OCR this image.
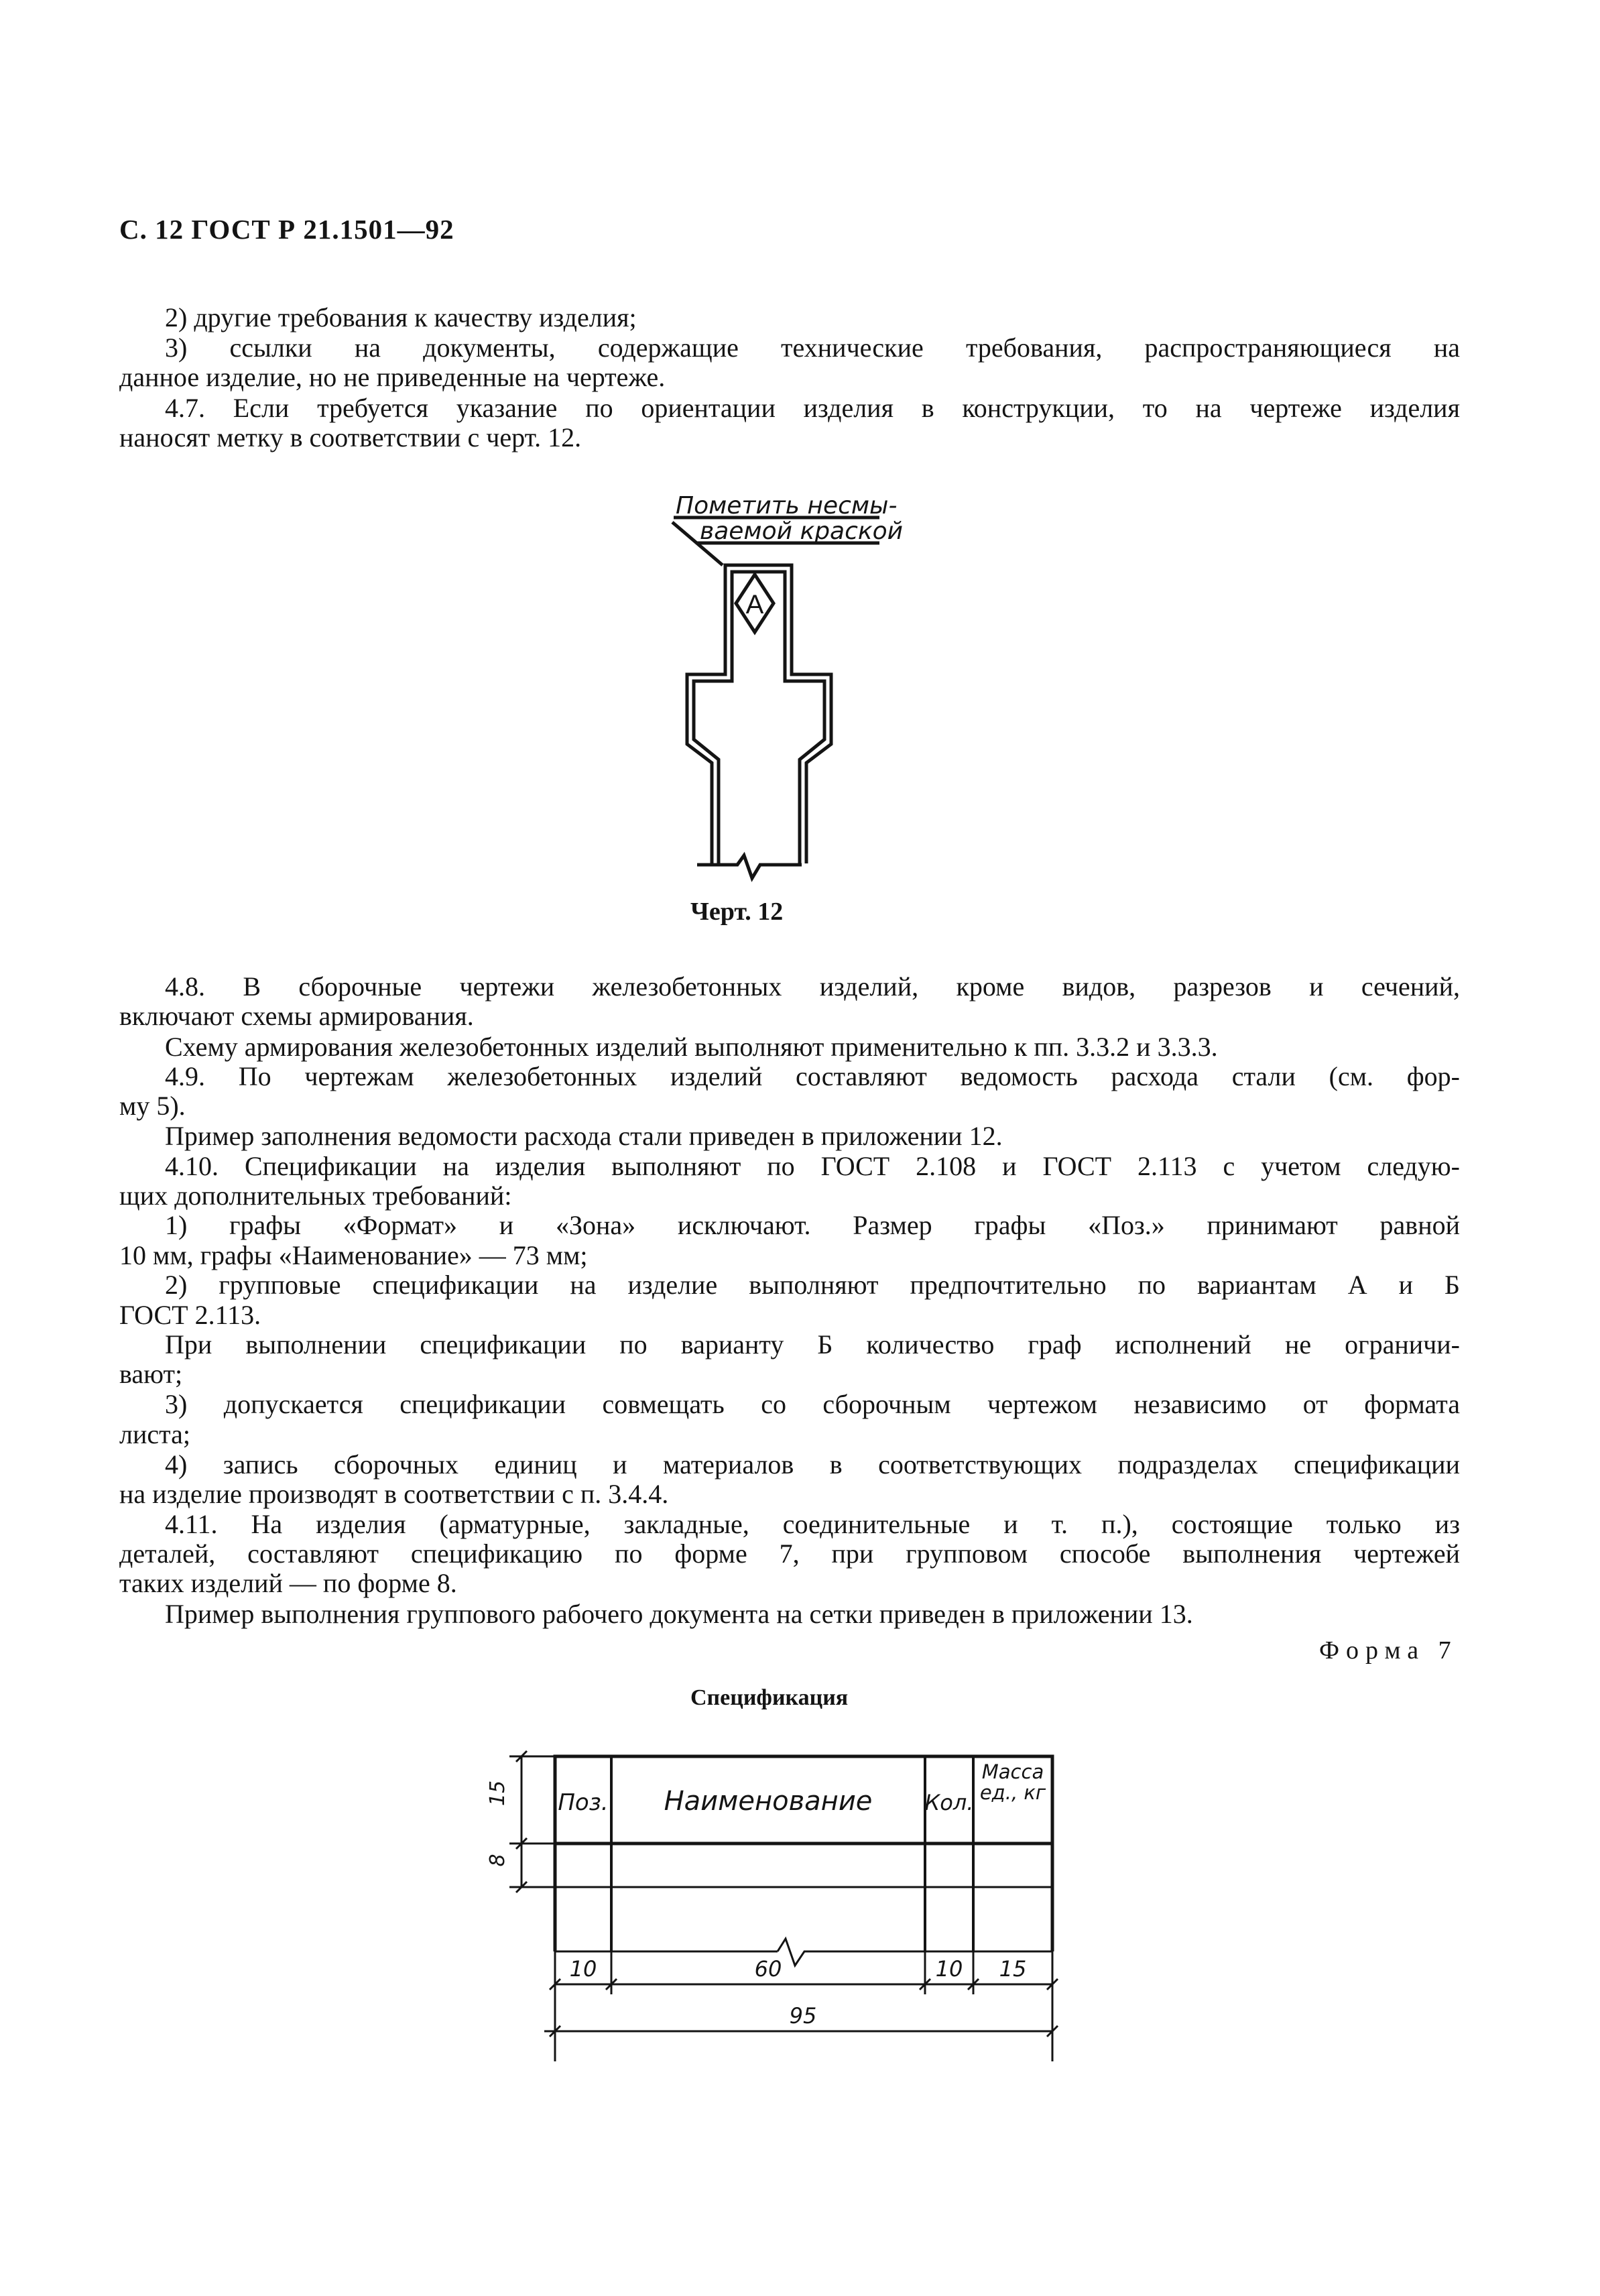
С. 12 ГОСТ Р 21.1501—92
2) другие требования к качеству изделия;
3) ссылки на документы, содержащие технические требования, распространяющиеся на
данное изделие, но не приведенные на чертеже.
4.7. Если требуется указание по ориентации изделия в конструкции, то на чертеже изделия
наносят метку в соответствии с черт. 12.
А
Пометить несмы-
ваемой краской
Черт. 12
4.8. В сборочные чертежи железобетонных изделий, кроме видов, разрезов и сечений,
включают схемы армирования.
Схему армирования железобетонных изделий выполняют применительно к пп. 3.3.2 и 3.3.3.
4.9. По чертежам железобетонных изделий составляют ведомость расхода стали (см. фор-
му 5).
Пример заполнения ведомости расхода стали приведен в приложении 12.
4.10. Спецификации на изделия выполняют по ГОСТ 2.108 и ГОСТ 2.113 с учетом следую-
щих дополнительных требований:
1) графы «Формат» и «Зона» исключают. Размер графы «Поз.» принимают равной
10 мм, графы «Наименование» — 73 мм;
2) групповые спецификации на изделие выполняют предпочтительно по вариантам А и Б
ГОСТ 2.113.
При выполнении спецификации по варианту Б количество граф исполнений не ограничи-
вают;
3) допускается спецификации совмещать со сборочным чертежом независимо от формата
листа;
4) запись сборочных единиц и материалов в соответствующих подразделах спецификации
на изделие производят в соответствии с п. 3.4.4.
4.11. На изделия (арматурные, закладные, соединительные и т. п.), состоящие только из
деталей, составляют спецификацию по форме 7, при групповом способе выполнения чертежей
таких изделий — по форме 8.
Пример выполнения группового рабочего документа на сетки приведен в приложении 13.
Форма 7
Спецификация
Поз. Наименование Кол.
Масса ед., кг
10	60	10 15
95
15
8
